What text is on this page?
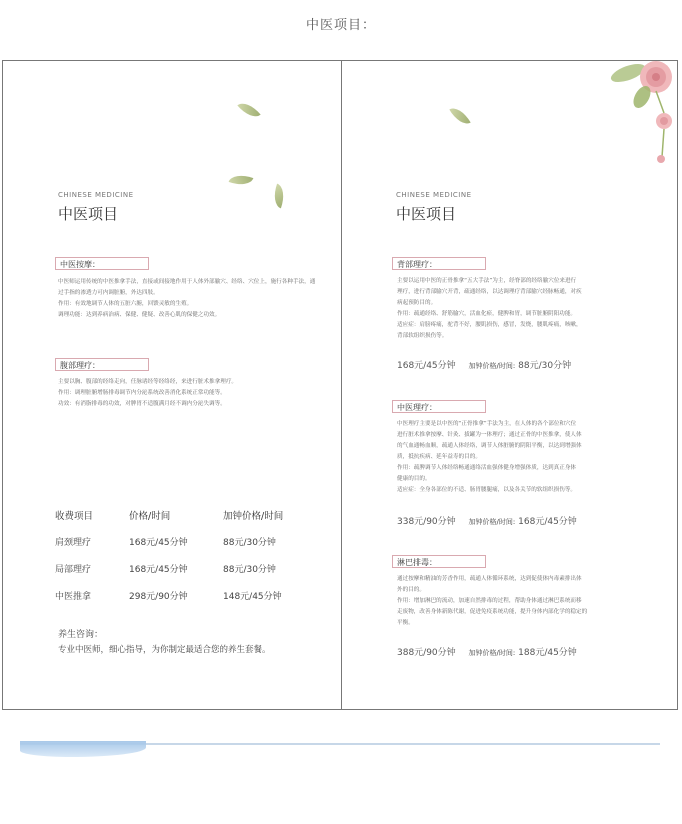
中医项目：
CHINESE MEDICINE
中医项目
中医按摩：
中医师运用传统的中医推拿手法，直接或间接地作用于人体外部腧穴、经络、穴位上，施行各种手法，通过手指的渗透力可内调脏腑，外达四肢。
作用：有效地调节人体的五脏六腑，回馈灵敏的生殖。
调理功能：达到养病治病、保健、健疑、改善心肌的保健之功效。
腹部理疗：
主要以胸、腹部的经络走向，任脉诸经等经络经，来进行脏术推拿理疗。
作用：调理脏腑增肠排毒调节内分泌系统改善消化系统正常功能等。
功效：有消脂排毒的功效，对脾胃不适腹满月经不调内分泌失调等。
收费项目	价格/时间	加钟价格/时间
肩颈理疗	168元/45分钟	88元/30分钟
局部理疗	168元/45分钟	88元/30分钟
中医推拿	298元/90分钟	148元/45分钟
养生咨询：
专业中医师，细心指导，为你制定最适合您的养生套餐。
CHINESE MEDICINE
中医项目
背部理疗：
主要以运用中医的正骨推拿“五大手法”为主，经脊部的经络腧穴位来进行
理疗，进行背部腧穴开背，疏通经络，以达调理疗背部腧穴经脉畅通，对疾
病起预防目的。
作用：疏通经络、舒筋腧穴，活血化瘀，健脾和胃，调节脏腑阴阳功能。
适应症：肩膀疼痛，驼背不好，腰肌损伤，感冒，发烧，腰肌疼痛，咳嗽，
背部软组织损伤等。
168元/45分钟 加钟价格/时间: 88元/30分钟
中医理疗：
中医理疗主要是以中医的“正骨推拿”手法为主，在人体的各个部位和穴位
进行脏术推拿按摩、针灸、拔罐为一体理疗；通过正骨的中医推拿，使人体
的气血通畅血顺，疏通人体经络，调节人体脏腑的阴阳平衡，以达到增强体
质，抵抗疾病、延年益寿的目的。
作用：疏脾调节人体经络畅通通络活血强体健身增强体质，达到真正身体
健康的目的。
适应症：全身各部位的不适、肠胃腰腿痛，以及各关节的软组织损伤等。
338元/90分钟 加钟价格/时间: 168元/45分钟
淋巴排毒：
通过按摩和精油的芳香作用，疏通人体循环系统，达到促使体内毒素排出体
外的目的。
作用：增加淋巴的流动，加速自然排毒的过程，帮助身体通过淋巴系统而移
走废物，改善身体新陈代谢，促进免疫系统功能，提升身体内部化学的稳定的
平衡。
388元/90分钟 加钟价格/时间: 188元/45分钟
